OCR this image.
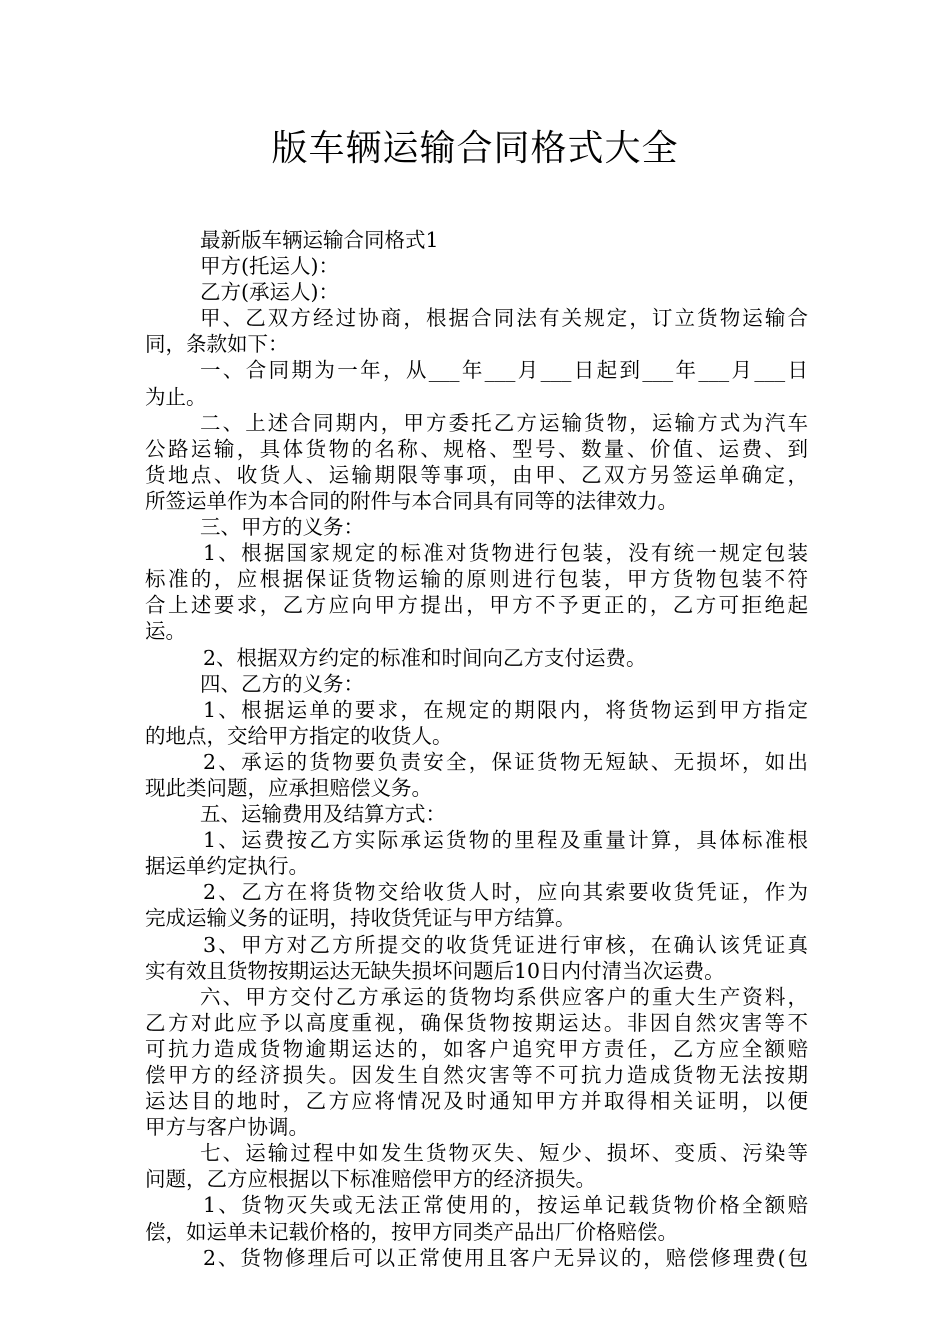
版车辆运输合同格式大全
最新版车辆运输合同格式1
甲方(托运人)：
乙方(承运人)：
甲、乙双方经过协商，根据合同法有关规定，订立货物运输合
同，条款如下：
一、合同期为一年，从___年___月___日起到___年___月___日
为止。
二、上述合同期内，甲方委托乙方运输货物，运输方式为汽车
公路运输，具体货物的名称、规格、型号、数量、价值、运费、到
货地点、收货人、运输期限等事项，由甲、乙双方另签运单确定，
所签运单作为本合同的附件与本合同具有同等的法律效力。
三、甲方的义务：
1、根据国家规定的标准对货物进行包装，没有统一规定包装
标准的，应根据保证货物运输的原则进行包装，甲方货物包装不符
合上述要求，乙方应向甲方提出，甲方不予更正的，乙方可拒绝起
运。
2、根据双方约定的标准和时间向乙方支付运费。
四、乙方的义务：
1、根据运单的要求，在规定的期限内，将货物运到甲方指定
的地点，交给甲方指定的收货人。
2、承运的货物要负责安全，保证货物无短缺、无损坏，如出
现此类问题，应承担赔偿义务。
五、运输费用及结算方式：
1、运费按乙方实际承运货物的里程及重量计算，具体标准根
据运单约定执行。
2、乙方在将货物交给收货人时，应向其索要收货凭证，作为
完成运输义务的证明，持收货凭证与甲方结算。
3、甲方对乙方所提交的收货凭证进行审核，在确认该凭证真
实有效且货物按期运达无缺失损坏问题后10日内付清当次运费。
六、甲方交付乙方承运的货物均系供应客户的重大生产资料，
乙方对此应予以高度重视，确保货物按期运达。非因自然灾害等不
可抗力造成货物逾期运达的，如客户追究甲方责任，乙方应全额赔
偿甲方的经济损失。因发生自然灾害等不可抗力造成货物无法按期
运达目的地时，乙方应将情况及时通知甲方并取得相关证明，以便
甲方与客户协调。
七、运输过程中如发生货物灭失、短少、损坏、变质、污染等
问题，乙方应根据以下标准赔偿甲方的经济损失。
1、货物灭失或无法正常使用的，按运单记载货物价格全额赔
偿，如运单未记载价格的，按甲方同类产品出厂价格赔偿。
2、货物修理后可以正常使用且客户无异议的，赔偿修理费(包
